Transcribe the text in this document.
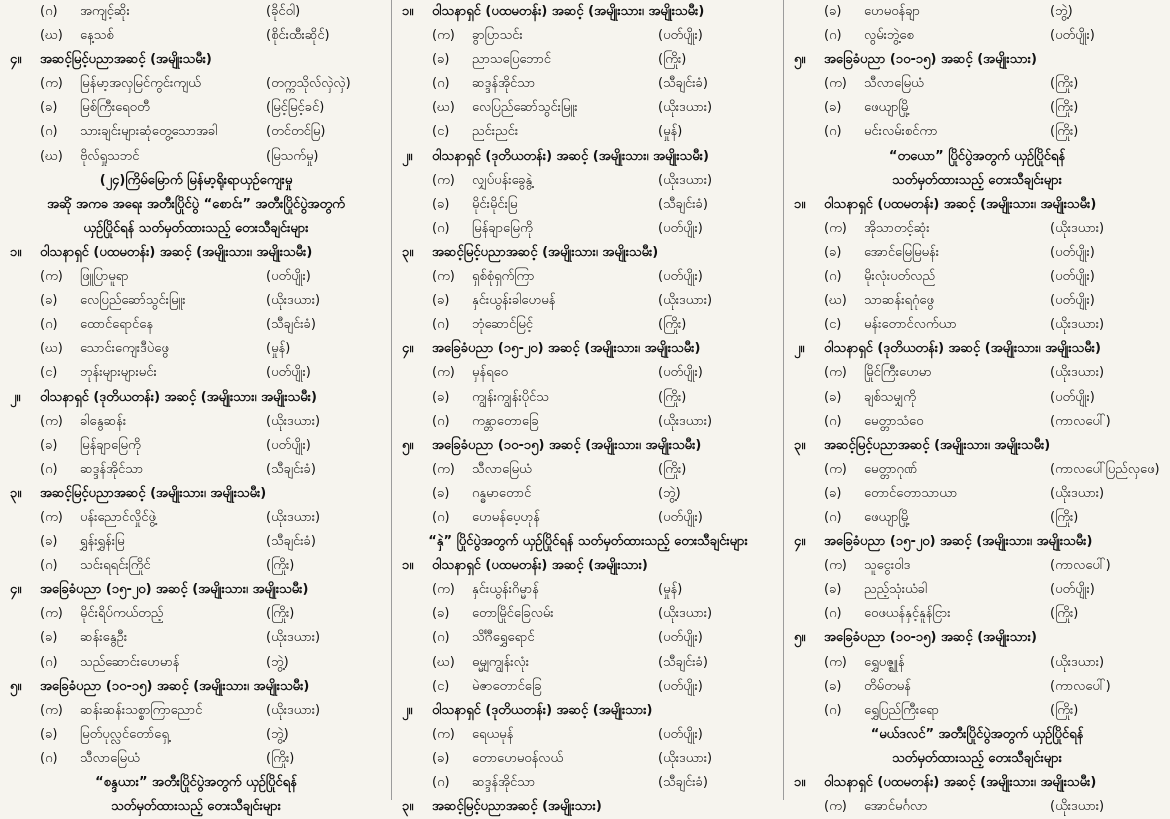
(ဂ) အကျင့်ဆိုး	(ခိုင်ဝါ)
(ဃ) နေ့သစ်	(စိုင်းထီးဆိုင်)
၄။ အဆင့်မြင့်ပညာအဆင့် (အမျိုးသမီး)
(က) မြန်မာ့အလှမြင်ကွင်းကျယ်	(တက္ကသိုလ်လှဲလှဲ)
(ခ) မြစ်ကြီးရေဝတီ	(မြင့်မြင့်ခင်)
(ဂ) သားချင်းများဆုံတွေ့သောအခါ	(တင်တင်မြ)
(ဃ) ဗိုလ်ရှုသဘင်	(မြသက်မှု)
(၂၄)ကြိမ်မြောက် မြန်မာ့ရိုးရာယှဉ်ကျေးမှု
အဆိုံ အကခ အရေး အတီးပြိုင်ပွဲ “စောင်း” အတီးပြိုင်ပွဲအတွက်
ယှဉ်ပြိုင်ရန် သတ်မှတ်ထားသည့် တေးသီချင်းများ
၁။ ဝါသနာရှင် (ပထမတန်း) အဆင့် (အမျိုးသား၊ အမျိုးသမီး)
(က) ဖြူပြာမူရာ	(ပတ်ပျိုး)
(ခ) လေပြည်ဆော်သွင်းမြူး	(ယိုးဒယား)
(ဂ) ထောင်ရောင်နေ	(သီချင်းခံ)
(ဃ) သောင်းကျေးဒီပဲဖွေ	(မှုန်)
(င) ဘုန်းများများမင်း	(ပတ်ပျိုး)
၂။ ဝါသနာရှင် (ဒုတိယတန်း) အဆင့် (အမျိုးသား၊ အမျိုးသမီး)
(က) ခါနွေဆန်း	(ယိုးဒယား)
(ခ) မြန်ချာမြေကို	(ပတ်ပျိုး)
(ဂ) ဆဒ္ဒန်အိုင်သာ	(သီချင်းခံ)
၃။ အဆင့်မြင့်ပညာအဆင့် (အမျိုးသား၊ အမျိုးသမီး)
(က) ပန်းညောင်လှိုင်ဖွဲ့	(ယိုးဒယား)
(ခ) ရွှန်းရွှန်းမြ	(သီချင်းခံ)
(ဂ) သင်းရရင်းကြိုင်	(ကြိုး)
၄။ အခြေခံပညာ (၁၅-၂၀) အဆင့် (အမျိုးသား၊ အမျိုးသမီး)
(က) မိုင်းရိပ်ကယ်တည့်	(ကြိုး)
(ခ) ဆန်းနွေဦး	(ယိုးဒယား)
(ဂ) သည်ဆောင်းဟေမာန်	(ဘွဲ့)
၅။ အခြေခံပညာ (၁၀-၁၅) အဆင့် (အမျိုးသား၊ အမျိုးသမီး)
(က) ဆန်းဆန်းသစ္စာကြာညောင်	(ယိုးဒယား)
(ခ) မြတ်ပုလ္လင်တော်ရှေ့	(ဘွဲ့)
(ဂ) သီလာမြေယံ	(ကြိုး)
“စန္ဒယား” အတီးပြိုင်ပွဲအတွက် ယှဉ်ပြိုင်ရန်
သတ်မှတ်ထားသည့် တေးသီချင်းများ
၁။ ဝါသနာရှင် (ပထမတန်း) အဆင့် (အမျိုးသား၊ အမျိုးသမီး)
(က) ခွာပြာသင်း	(ပတ်ပျိုး)
(ခ) ညာသပြေဘောင်	(ကြိုး)
(ဂ) ဆဒ္ဒန်အိုင်သာ	(သီချင်းခံ)
(ဃ) လေပြည်ဆော်သွင်းမြူး	(ယိုးဒယား)
(င) ညင်းညင်း	(မှုန်)
၂။ ဝါသနာရှင် (ဒုတိယတန်း) အဆင့် (အမျိုးသား၊ အမျိုးသမီး)
(က) လျှပ်ပန်းခွေနွဲ့	(ယိုးဒယား)
(ခ) မိုင်းမိုင်းမြ	(သီချင်းခံ)
(ဂ) မြန်ချာမြေကို	(ပတ်ပျိုး)
၃။ အဆင့်မြင့်ပညာအဆင့် (အမျိုးသား၊ အမျိုးသမီး)
(က) ရှစ်စုံရှက်ကြာ	(ပတ်ပျိုး)
(ခ) နှင်းယွန်းခါဟေမန်	(ယိုးဒယား)
(ဂ) ဘုံဆောင်မြင့်	(ကြိုး)
၄။ အခြေခံပညာ (၁၅-၂၀) အဆင့် (အမျိုးသား၊ အမျိုးသမီး)
(က) မှန်ရဝေ	(ပတ်ပျိုး)
(ခ) ကျွန်းကျွန်းပိုင်သ	(ကြိုး)
(ဂ) ကန္တာတောခြေ	(ယိုးဒယား)
၅။ အခြေခံပညာ (၁၀-၁၅) အဆင့် (အမျိုးသား၊ အမျိုးသမီး)
(က) သီလာမြေယံ	(ကြိုး)
(ခ) ဂန္ဓမာတောင်	(ဘွဲ့)
(ဂ) ဟေမန်ပေ့ဟုန်	(ပတ်ပျိုး)
“နှဲ” ပြိုင်ပွဲအတွက် ယှဉ်ပြိုင်ရန် သတ်မှတ်ထားသည့် တေးသီချင်းများ
၁။ ဝါသနာရှင် (ပထမတန်း) အဆင့် (အမျိုးသား)
(က) နှင်းယွန်းဂိမ္မာန်	(မှုန်)
(ခ) တောမြိုင်ခြေလမ်း	(ယိုးဒယား)
(ဂ) သိင်္ဂီရွှေရောင်	(ပတ်ပျိုး)
(ဃ) ဓမ္မျကျွန်းလုံး	(သီချင်းခံ)
(င) မဲဇာတောင်ခြေ	(ပတ်ပျိုး)
၂။ ဝါသနာရှင် (ဒုတိယတန်း) အဆင့် (အမျိုးသား)
(က) ရေယမုန်	(ပတ်ပျိုး)
(ခ) တောဟေမဝန်လယ်	(ယိုးဒယား)
(ဂ) ဆဒ္ဒန်အိုင်သာ	(သီချင်းခံ)
၃။ အဆင့်မြင့်ပညာအဆင့် (အမျိုးသား)
(ခ) ဟေမဝန်ချာ	(ဘွဲ့)
(ဂ) လွမ်းဘွဲ့စေ	(ပတ်ပျိုး)
၅။ အခြေခံပညာ (၁၀-၁၅) အဆင့် (အမျိုးသား)
(က) သီလာမြေယံ	(ကြိုး)
(ခ) ဖေယျာမြို့	(ကြိုး)
(ဂ) မင်းလမ်းစင်ကာ	(ကြိုး)
“တယော” ပြိုင်ပွဲအတွက် ယှဉ်ပြိုင်ရန်
သတ်မှတ်ထားသည့် တေးသီချင်းများ
၁။ ဝါသနာရှင် (ပထမတန်း) အဆင့် (အမျိုးသား၊ အမျိုးသမီး)
(က) အိုသာတင့်ဆုံး	(ယိုးဒယား)
(ခ) အောင်မြေမြမန်း	(ပတ်ပျိုး)
(ဂ) မိုးလုံးပတ်လည်	(ပတ်ပျိုး)
(ဃ) သာဆန်းရဂုံဖွေ	(ပတ်ပျိုး)
(င) မန်းတောင်လက်ယာ	(ယိုးဒယား)
၂။ ဝါသနာရှင် (ဒုတိယတန်း) အဆင့် (အမျိုးသား၊ အမျိုးသမီး)
(က) မြိုင်ကြီးဟေမာ	(ယိုးဒယား)
(ခ) ချစ်သမျှကို	(ပတ်ပျိုး)
(ဂ) မေတ္တာသံဝေ	(ကာလပေါ်)
၃။ အဆင့်မြင့်ပညာအဆင့် (အမျိုးသား၊ အမျိုးသမီး)
(က) မေတ္တာဂုဏ်	(ကာလပေါ်ပြည်လှဖေ)
(ခ) တောင်တောသာယာ	(ယိုးဒယား)
(ဂ) ဖေယျာမြို့	(ကြိုး)
၄။ အခြေခံပညာ (၁၅-၂၀) အဆင့် (အမျိုးသား၊ အမျိုးသမီး)
(က) သူငွေးဝါဒ	(ကာလပေါ်)
(ခ) ညည့်သုံးယံခါ	(ပတ်ပျိုး)
(ဂ) ဝေဖယန်နှင့်နူန်ငြား	(ကြိုး)
၅။ အခြေခံပညာ (၁၀-၁၅) အဆင့် (အမျိုးသား)
(က) ရွှေပဇ္ဈုန်	(ယိုးဒယား)
(ခ) တိမ်တမန်	(ကာလပေါ်)
(ဂ) ရွှေပြည်ကြီးရော	(ကြိုး)
“မယ်ဒလင်” အတီးပြိုင်ပွဲအတွက် ယှဉ်ပြိုင်ရန်
သတ်မှတ်ထားသည့် တေးသီချင်းများ
၁။ ဝါသနာရှင် (ပထမတန်း) အဆင့် (အမျိုးသား၊ အမျိုးသမီး)
(က) အောင်မင်္ဂလာ	(ယိုးဒယား)
